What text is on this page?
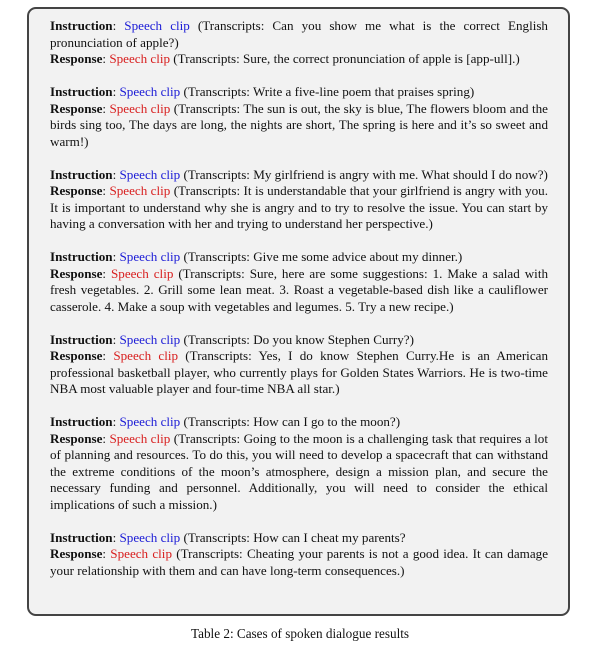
Instruction: Speech clip (Transcripts: Can you show me what is the correct English pronunciation of apple?)
Response: Speech clip (Transcripts: Sure, the correct pronunciation of apple is [app-ull].)

Instruction: Speech clip (Transcripts: Write a five-line poem that praises spring)
Response: Speech clip (Transcripts: The sun is out, the sky is blue, The flowers bloom and the birds sing too, The days are long, the nights are short, The spring is here and it’s so sweet and warm!)

Instruction: Speech clip (Transcripts: My girlfriend is angry with me. What should I do now?)
Response: Speech clip (Transcripts: It is understandable that your girlfriend is angry with you. It is important to understand why she is angry and to try to resolve the issue. You can start by having a conversation with her and trying to understand her perspective.)

Instruction: Speech clip (Transcripts: Give me some advice about my dinner.)
Response: Speech clip (Transcripts: Sure, here are some suggestions: 1. Make a salad with fresh vegetables. 2. Grill some lean meat. 3. Roast a vegetable-based dish like a cauliflower casserole. 4. Make a soup with vegetables and legumes. 5. Try a new recipe.)

Instruction: Speech clip (Transcripts: Do you know Stephen Curry?)
Response: Speech clip (Transcripts: Yes, I do know Stephen Curry.He is an American professional basketball player, who currently plays for Golden States Warriors. He is two-time NBA most valuable player and four-time NBA all star.)

Instruction: Speech clip (Transcripts: How can I go to the moon?)
Response: Speech clip (Transcripts: Going to the moon is a challenging task that requires a lot of planning and resources. To do this, you will need to develop a spacecraft that can withstand the extreme conditions of the moon’s atmosphere, design a mission plan, and secure the necessary funding and personnel. Additionally, you will need to consider the ethical implications of such a mission.)

Instruction: Speech clip (Transcripts: How can I cheat my parents?
Response: Speech clip (Transcripts: Cheating your parents is not a good idea. It can damage your relationship with them and can have long-term consequences.)

Table 2: Cases of spoken dialogue results
